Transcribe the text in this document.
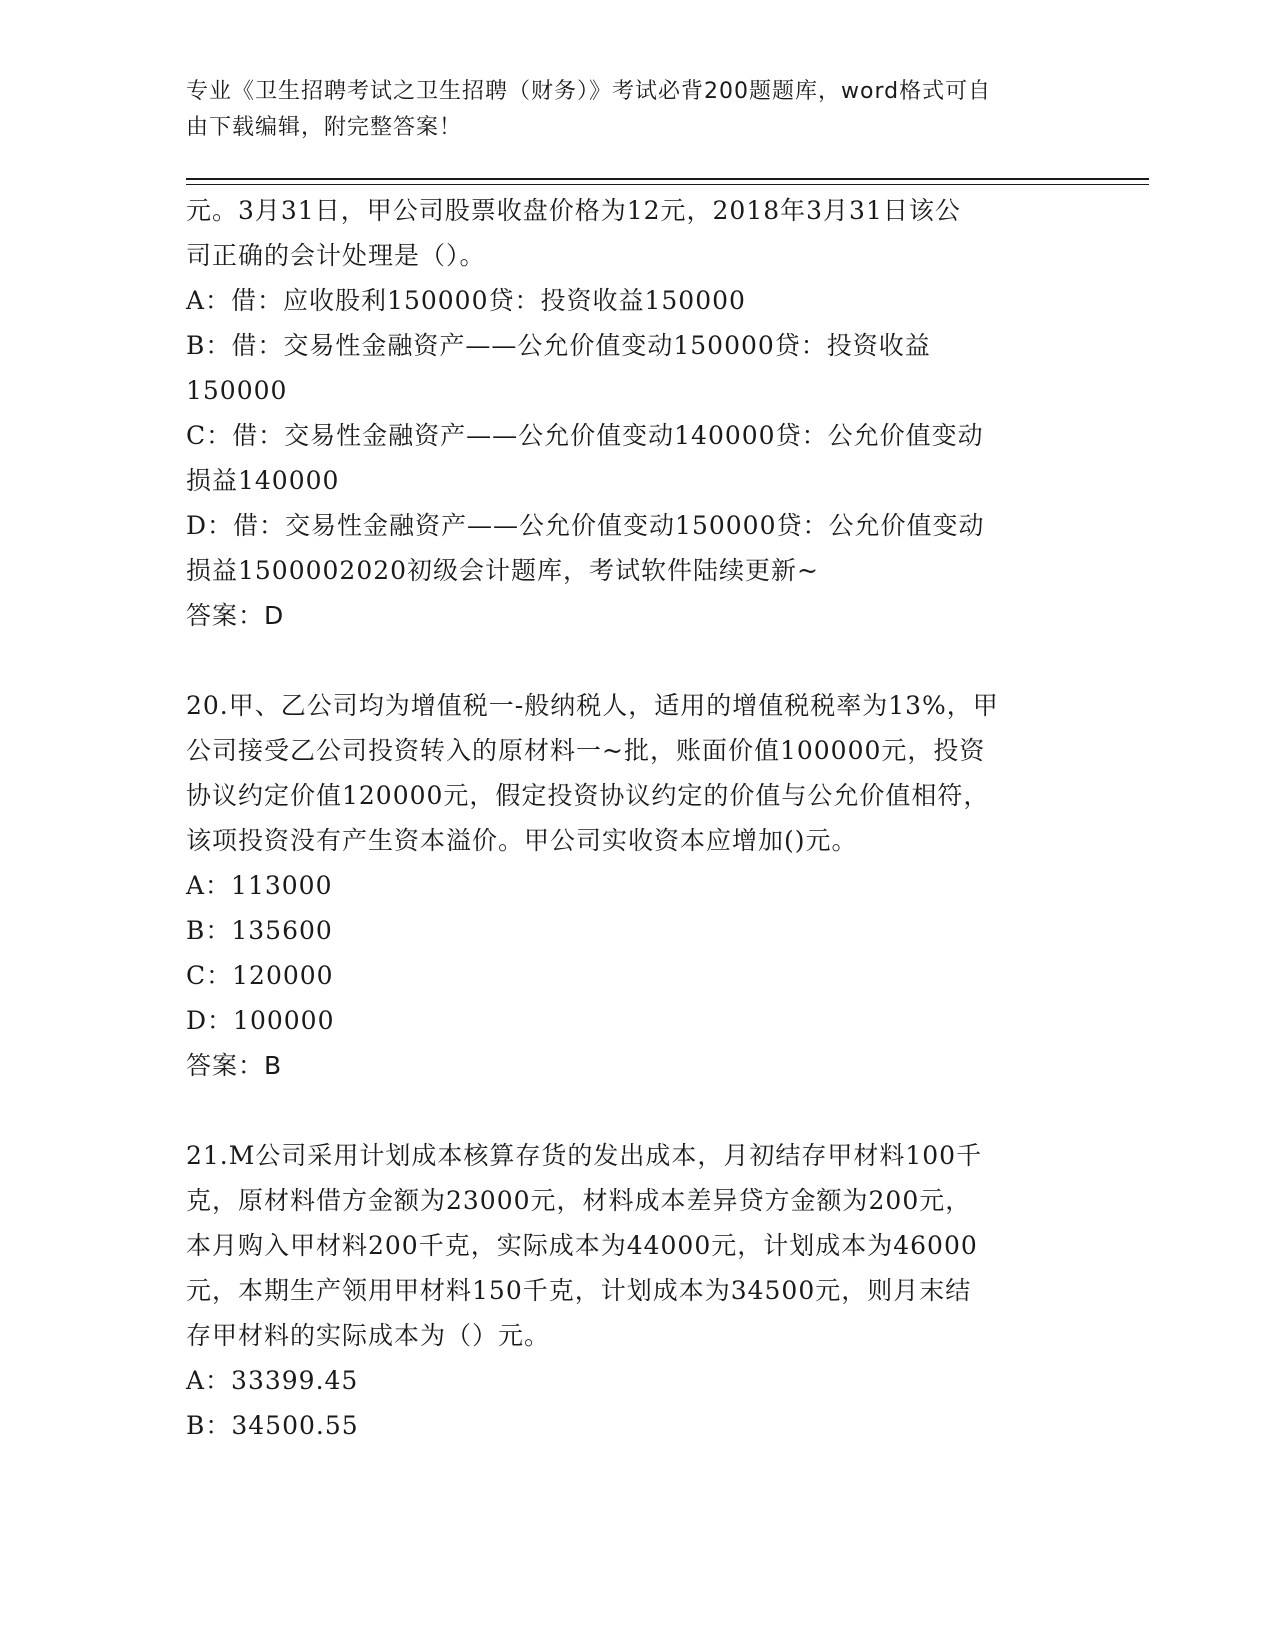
专业《卫生招聘考试之卫生招聘（财务）》考试必背200题题库，word格式可自
由下载编辑，附完整答案！
元。3月31日，甲公司股票收盘价格为12元，2018年3月31日该公
司正确的会计处理是（）。
A：借：应收股利150000贷：投资收益150000
B：借：交易性金融资产——公允价值变动150000贷：投资收益
150000
C：借：交易性金融资产——公允价值变动140000贷：公允价值变动
损益140000
D：借：交易性金融资产——公允价值变动150000贷：公允价值变动
损益1500002020初级会计题库，考试软件陆续更新~
答案：D
20.甲、乙公司均为增值税一-般纳税人，适用的增值税税率为13%，甲
公司接受乙公司投资转入的原材料一~批，账面价值100000元，投资
协议约定价值120000元，假定投资协议约定的价值与公允价值相符，
该项投资没有产生资本溢价。甲公司实收资本应增加()元。
A：113000
B：135600
C：120000
D：100000
答案：B
21.M公司采用计划成本核算存货的发出成本，月初结存甲材料100千
克，原材料借方金额为23000元，材料成本差异贷方金额为200元，
本月购入甲材料200千克，实际成本为44000元，计划成本为46000
元，本期生产领用甲材料150千克，计划成本为34500元，则月末结
存甲材料的实际成本为（）元。
A：33399.45
B：34500.55
